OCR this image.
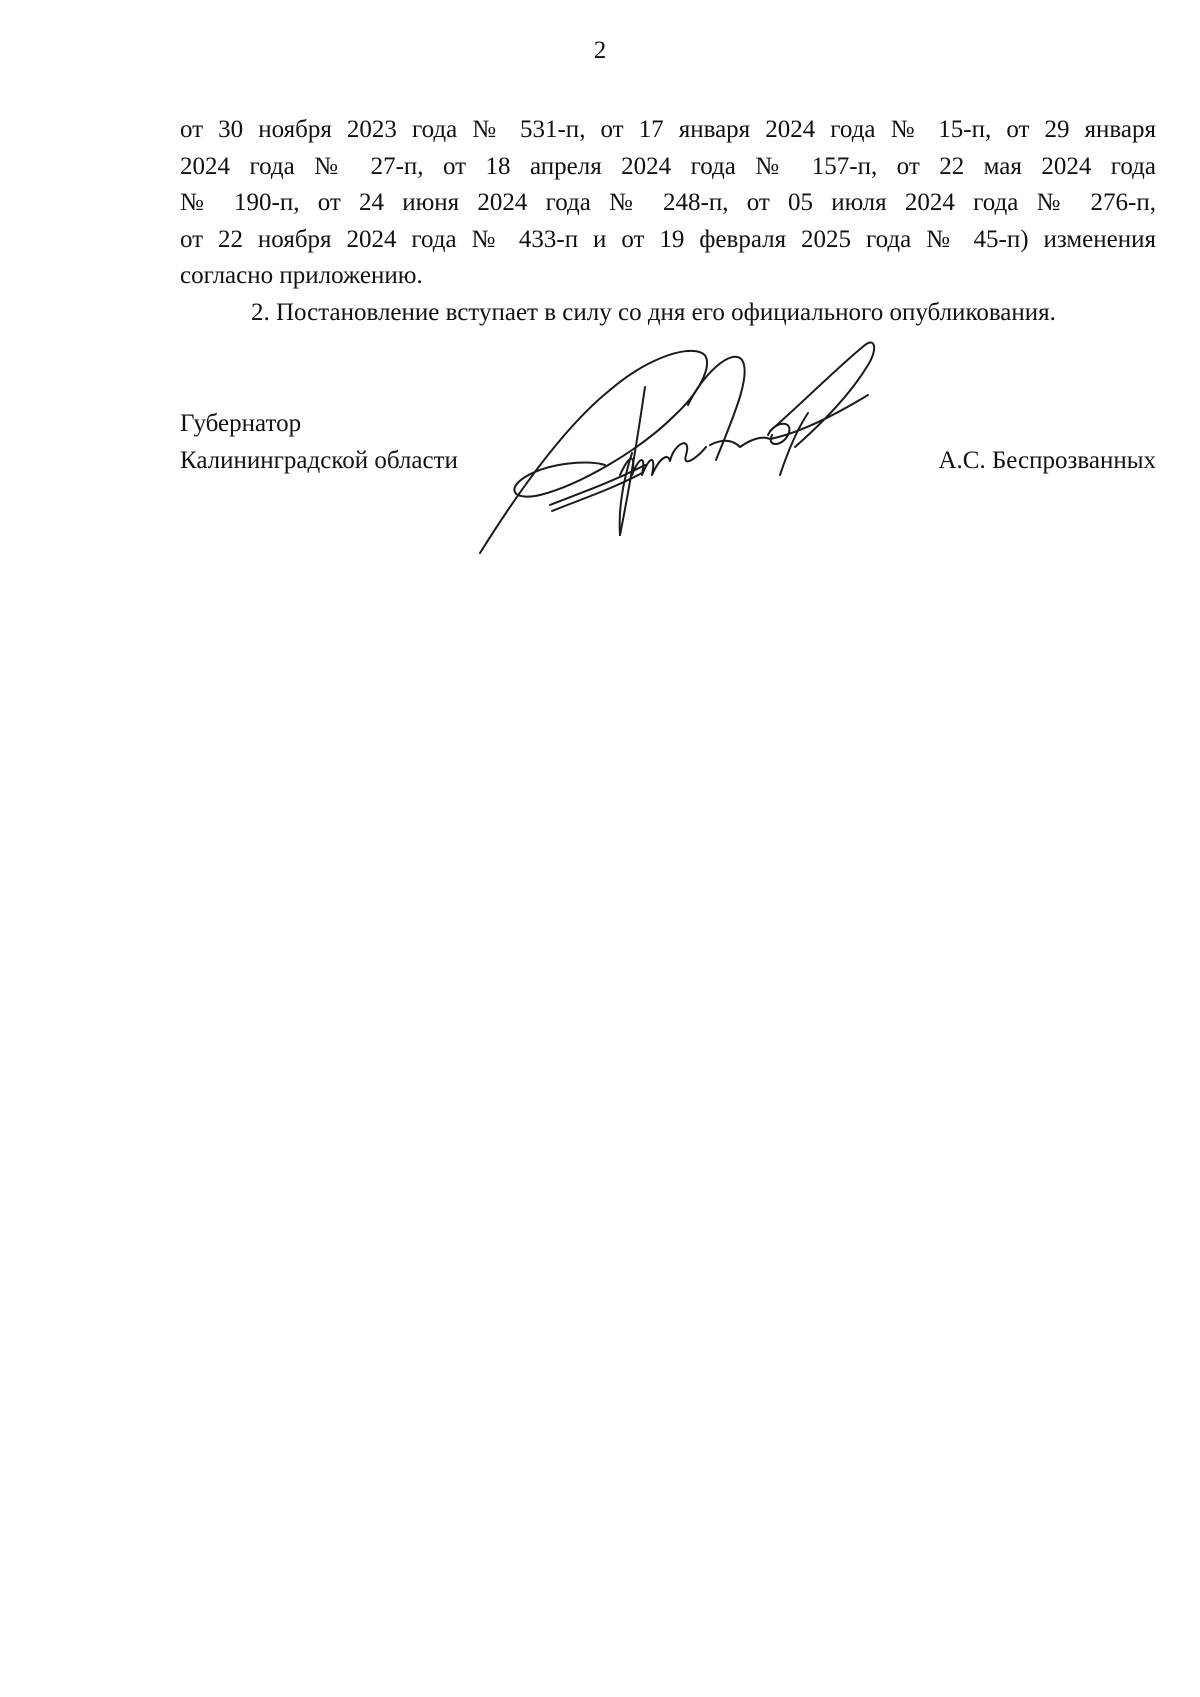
2
от 30 ноября 2023 года № 531-п, от 17 января 2024 года № 15-п, от 29 января
2024 года № 27-п, от 18 апреля 2024 года № 157-п, от 22 мая 2024 года
№ 190-п, от 24 июня 2024 года № 248-п, от 05 июля 2024 года № 276-п,
от 22 ноября 2024 года № 433-п и от 19 февраля 2025 года № 45-п) изменения
согласно приложению.
2. Постановление вступает в силу со дня его официального опубликования.
Губернатор
Калининградской области	А.С. Беспрозванных
